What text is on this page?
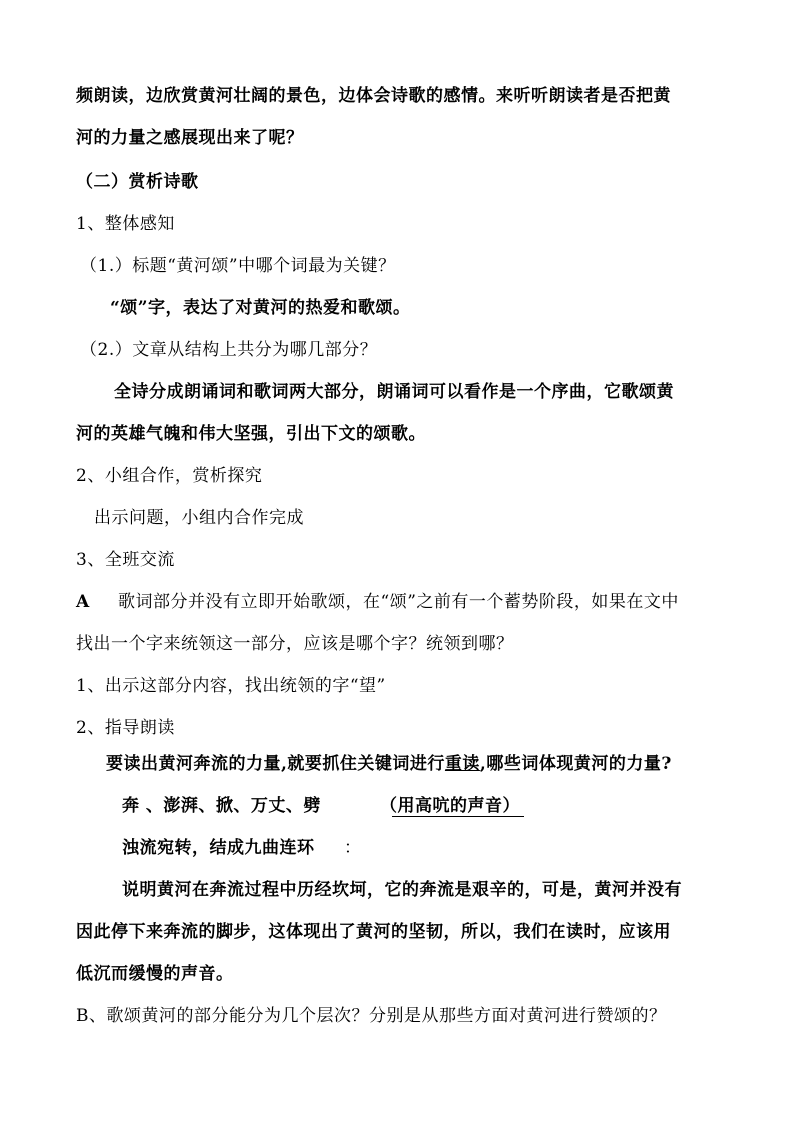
频朗读，边欣赏黄河壮阔的景色，边体会诗歌的感情。来听听朗读者是否把黄
河的力量之感展现出来了呢？
（二）赏析诗歌
1、整体感知
（1.）标题“黄河颂”中哪个词最为关键？
“颂”字，表达了对黄河的热爱和歌颂。
（2.）文章从结构上共分为哪几部分？
全诗分成朗诵词和歌词两大部分，朗诵词可以看作是一个序曲，它歌颂黄
河的英雄气魄和伟大坚强，引出下文的颂歌。
2、小组合作，赏析探究
出示问题，小组内合作完成
3、全班交流
A 歌词部分并没有立即开始歌颂，在“颂”之前有一个蓄势阶段，如果在文中
找出一个字来统领这一部分，应该是哪个字？统领到哪？
1、出示这部分内容，找出统领的字“望”
2、指导朗读
要读出黄河奔流的力量,就要抓住关键词进行重读,哪些词体现黄河的力量?
奔 、澎湃、掀、万丈、劈	（用高吭的声音）
浊流宛转，结成九曲连环 ：
说明黄河在奔流过程中历经坎坷，它的奔流是艰辛的，可是，黄河并没有
因此停下来奔流的脚步，这体现出了黄河的坚韧，所以，我们在读时，应该用
低沉而缓慢的声音。
B、歌颂黄河的部分能分为几个层次？分别是从那些方面对黄河进行赞颂的？
